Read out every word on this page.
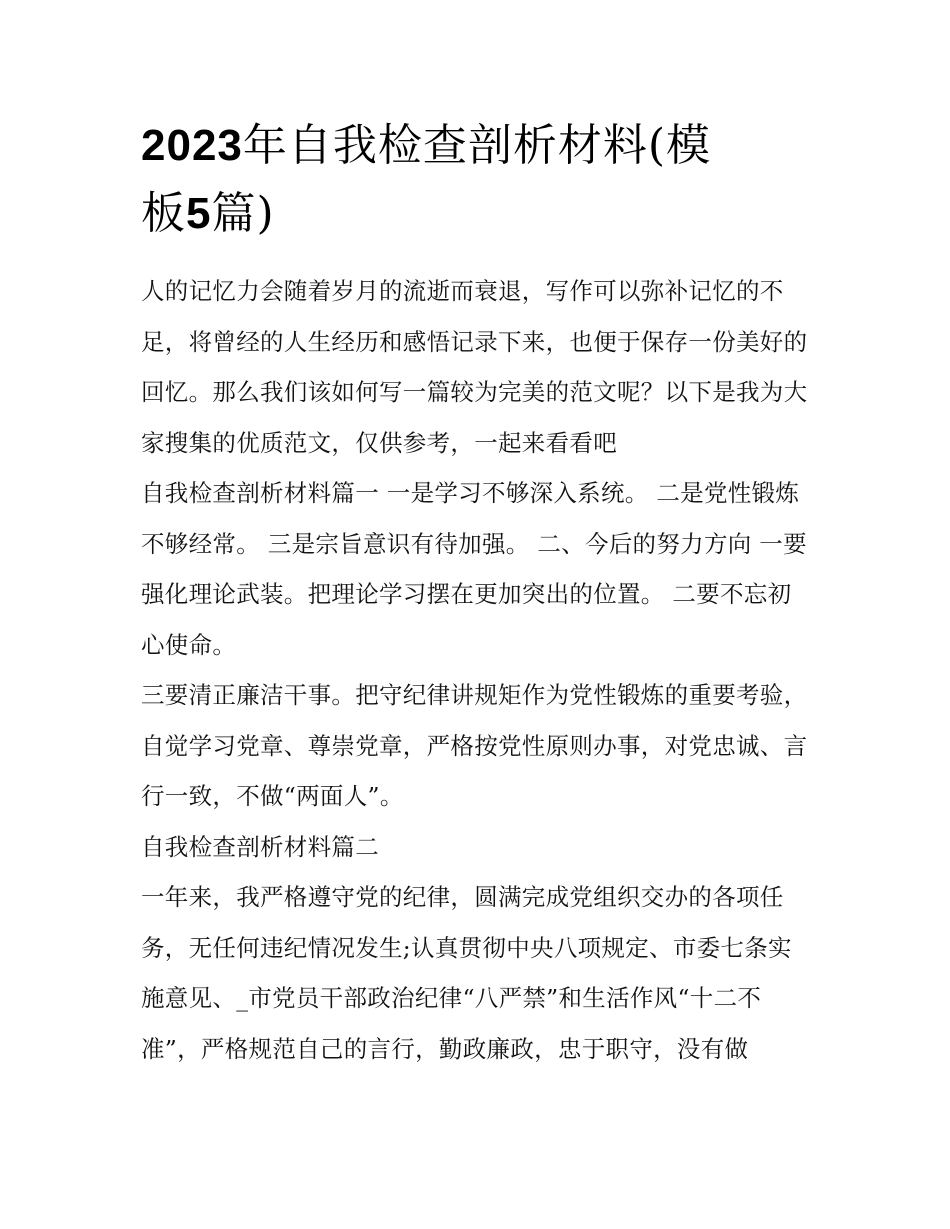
2023年自我检查剖析材料(模
板5篇)

人的记忆力会随着岁月的流逝而衰退，写作可以弥补记忆的不足，将曾经的人生经历和感悟记录下来，也便于保存一份美好的回忆。那么我们该如何写一篇较为完美的范文呢？以下是我为大家搜集的优质范文，仅供参考，一起来看看吧

自我检查剖析材料篇一 一是学习不够深入系统。 二是党性锻炼不够经常。 三是宗旨意识有待加强。 二、今后的努力方向 一要强化理论武装。把理论学习摆在更加突出的位置。 二要不忘初心使命。

三要清正廉洁干事。把守纪律讲规矩作为党性锻炼的重要考验，自觉学习党章、尊崇党章，严格按党性原则办事，对党忠诚、言行一致，不做“两面人”。

自我检查剖析材料篇二

一年来，我严格遵守党的纪律，圆满完成党组织交办的各项任务，无任何违纪情况发生;认真贯彻中央八项规定、市委七条实施意见、_市党员干部政治纪律“八严禁”和生活作风“十二不准”，严格规范自己的言行，勤政廉政，忠于职守，没有做
